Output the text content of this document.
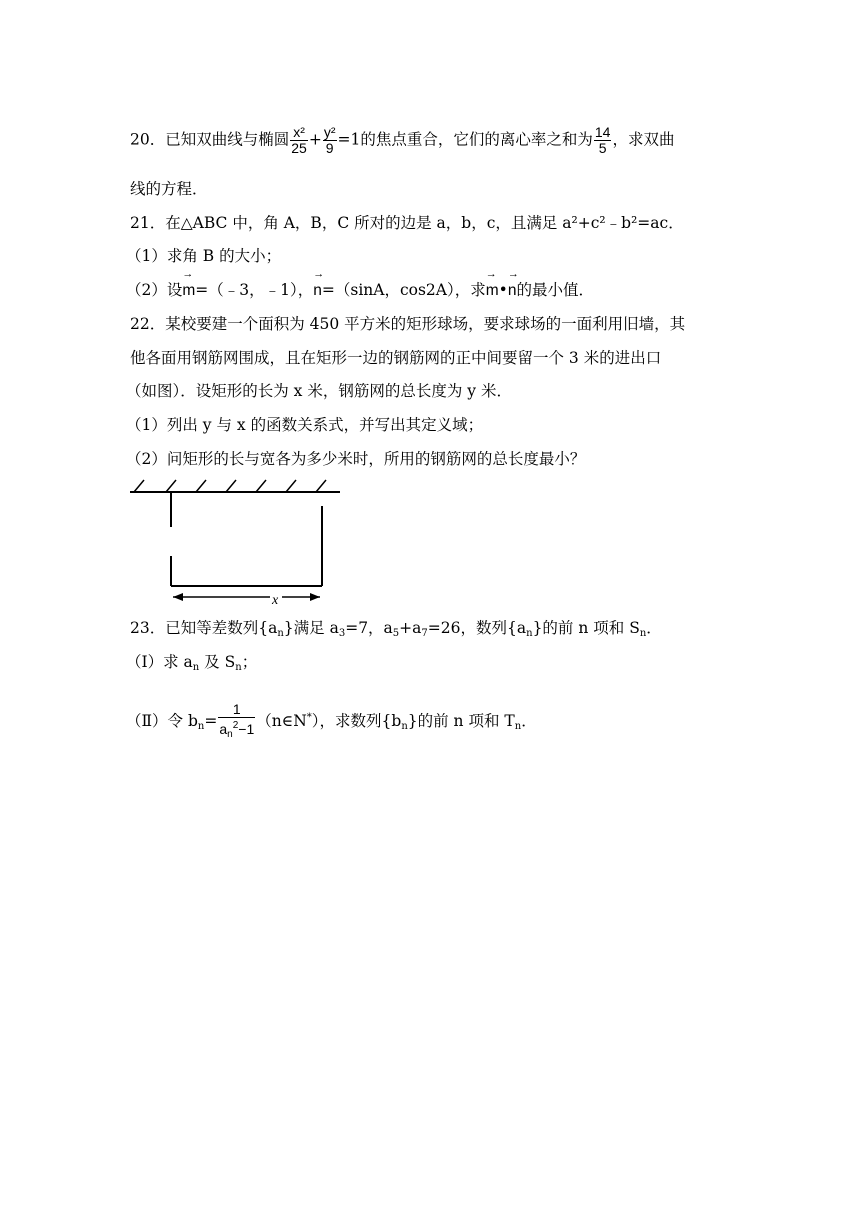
20．已知双曲线与椭圆 $\frac{\text{x²}}{25} + \frac{\text{y²}}{9} =1$的焦点重合，它们的离心率之和为 $\frac{14}{5}$ ，求双曲
线的方程．
21．在△ABC 中，角 A，B，C 所对的边是 a，b，c，且满足 a²+c²﹣b²=ac．
（1）求角 B 的大小；
（2）设→ m=（﹣3，﹣1），→ n=（sinA，cos2A），求→ m•→ n的最小值．
22．某校要建一个面积为 450 平方米的矩形球场，要求球场的一面利用旧墙，其
他各面用钢筋网围成，且在矩形一边的钢筋网的正中间要留一个 3 米的进出口
（如图）．设矩形的长为 x 米，钢筋网的总长度为 y 米．
（1）列出 y 与 x 的函数关系式，并写出其定义域；
（2）问矩形的长与宽各为多少米时，所用的钢筋网的总长度最小？
x
23．已知等差数列$\{a_n\}$满足 $a_3=7$，$a_5+a_7=26$，数列$\{a_n\}$的前 n 项和 $S_n$．
（Ⅰ）求 $a_n$ 及 $S_n$；
（Ⅱ）令 $b_n= \frac{1}{a_n^2-1}$ （n∈N*），求数列$\{b_n\}$的前 n 项和 $T_n$．
